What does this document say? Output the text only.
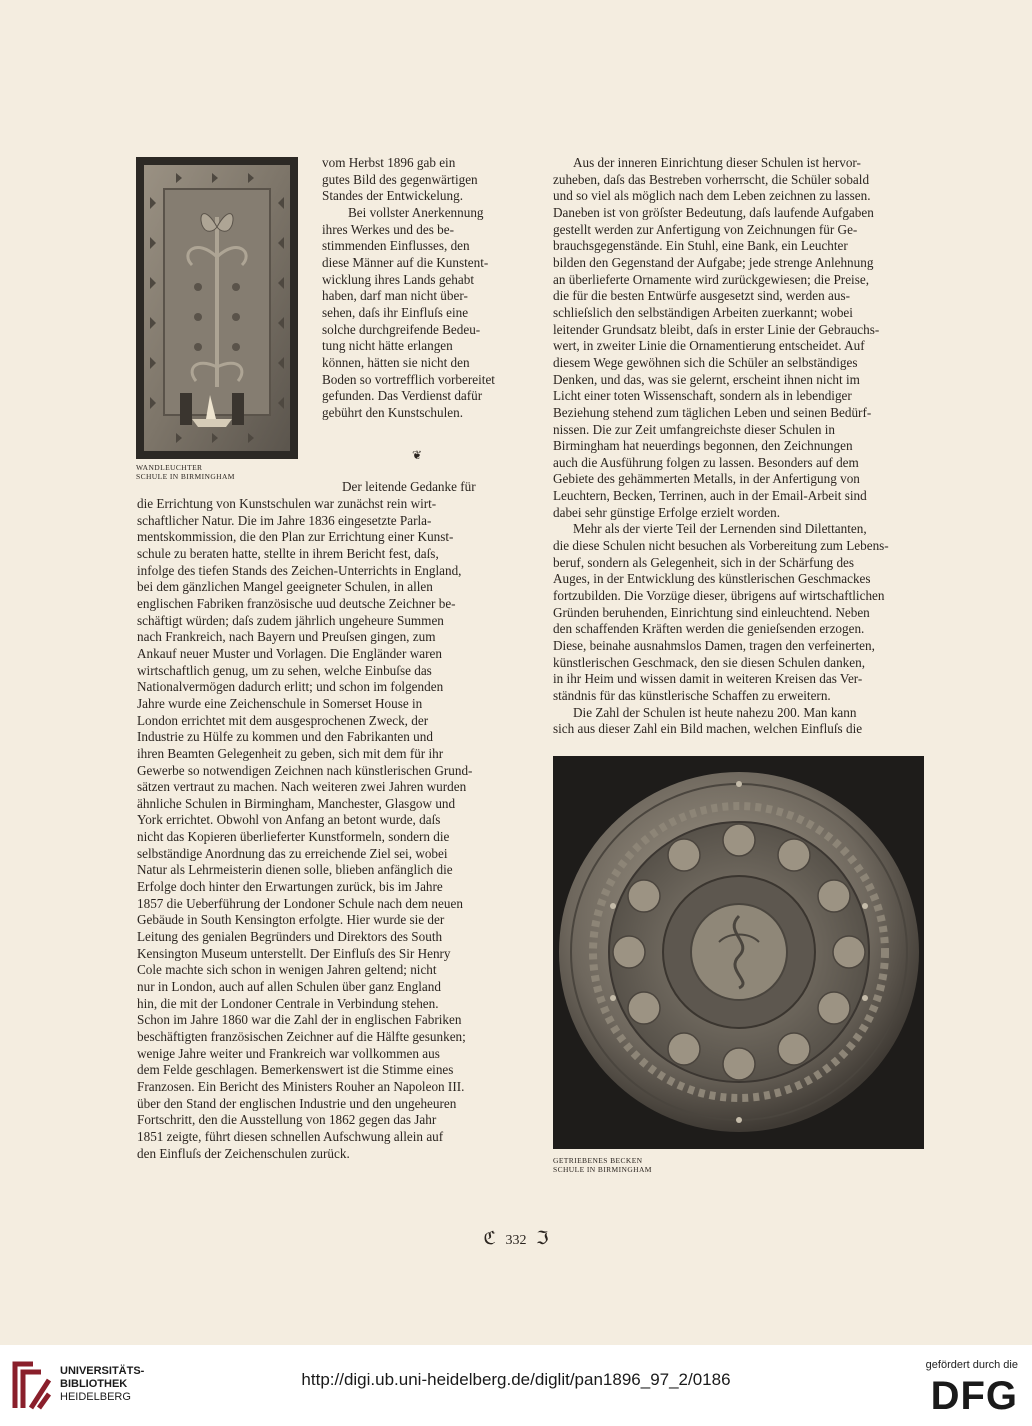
WANDLEUCHTER
SCHULE IN BIRMINGHAM
vom Herbst 1896 gab ein
gutes Bild des gegenwärtigen
Standes der Entwickelung.
Bei vollster Anerkennung
ihres Werkes und des be-
stimmenden Einflusses, den
diese Männer auf die Kunstent-
wicklung ihres Lands gehabt
haben, darf man nicht über-
sehen, daſs ihr Einfluſs eine
solche durchgreifende Bedeu-
tung nicht hätte erlangen
können, hätten sie nicht den
Boden so vortrefflich vorbereitet
gefunden. Das Verdienst dafür
gebührt den Kunstschulen.
❦
Der leitende Gedanke für
die Errichtung von Kunstschulen war zunächst rein wirt-
schaftlicher Natur. Die im Jahre 1836 eingesetzte Parla-
mentskommission, die den Plan zur Errichtung einer Kunst-
schule zu beraten hatte, stellte in ihrem Bericht fest, daſs,
infolge des tiefen Stands des Zeichen-Unterrichts in England,
bei dem gänzlichen Mangel geeigneter Schulen, in allen
englischen Fabriken französische uud deutsche Zeichner be-
schäftigt würden; daſs zudem jährlich ungeheure Summen
nach Frankreich, nach Bayern und Preuſsen gingen, zum
Ankauf neuer Muster und Vorlagen. Die Engländer waren
wirtschaftlich genug, um zu sehen, welche Einbuſse das
Nationalvermögen dadurch erlitt; und schon im folgenden
Jahre wurde eine Zeichenschule in Somerset House in
London errichtet mit dem ausgesprochenen Zweck, der
Industrie zu Hülfe zu kommen und den Fabrikanten und
ihren Beamten Gelegenheit zu geben, sich mit dem für ihr
Gewerbe so notwendigen Zeichnen nach künstlerischen Grund-
sätzen vertraut zu machen. Nach weiteren zwei Jahren wurden
ähnliche Schulen in Birmingham, Manchester, Glasgow und
York errichtet. Obwohl von Anfang an betont wurde, daſs
nicht das Kopieren überlieferter Kunstformeln, sondern die
selbständige Anordnung das zu erreichende Ziel sei, wobei
Natur als Lehrmeisterin dienen solle, blieben anfänglich die
Erfolge doch hinter den Erwartungen zurück, bis im Jahre
1857 die Ueberführung der Londoner Schule nach dem neuen
Gebäude in South Kensington erfolgte. Hier wurde sie der
Leitung des genialen Begründers und Direktors des South
Kensington Museum unterstellt. Der Einfluſs des Sir Henry
Cole machte sich schon in wenigen Jahren geltend; nicht
nur in London, auch auf allen Schulen über ganz England
hin, die mit der Londoner Centrale in Verbindung stehen.
Schon im Jahre 1860 war die Zahl der in englischen Fabriken
beschäftigten französischen Zeichner auf die Hälfte gesunken;
wenige Jahre weiter und Frankreich war vollkommen aus
dem Felde geschlagen. Bemerkenswert ist die Stimme eines
Franzosen. Ein Bericht des Ministers Rouher an Napoleon III.
über den Stand der englischen Industrie und den ungeheuren
Fortschritt, den die Ausstellung von 1862 gegen das Jahr
1851 zeigte, führt diesen schnellen Aufschwung allein auf
den Einfluſs der Zeichenschulen zurück.
Aus der inneren Einrichtung dieser Schulen ist hervor-
zuheben, daſs das Bestreben vorherrscht, die Schüler sobald
und so viel als möglich nach dem Leben zeichnen zu lassen.
Daneben ist von gröſster Bedeutung, daſs laufende Aufgaben
gestellt werden zur Anfertigung von Zeichnungen für Ge-
brauchsgegenstände. Ein Stuhl, eine Bank, ein Leuchter
bilden den Gegenstand der Aufgabe; jede strenge Anlehnung
an überlieferte Ornamente wird zurückgewiesen; die Preise,
die für die besten Entwürfe ausgesetzt sind, werden aus-
schlieſslich den selbständigen Arbeiten zuerkannt; wobei
leitender Grundsatz bleibt, daſs in erster Linie der Gebrauchs-
wert, in zweiter Linie die Ornamentierung entscheidet. Auf
diesem Wege gewöhnen sich die Schüler an selbständiges
Denken, und das, was sie gelernt, erscheint ihnen nicht im
Licht einer toten Wissenschaft, sondern als in lebendiger
Beziehung stehend zum täglichen Leben und seinen Bedürf-
nissen. Die zur Zeit umfangreichste dieser Schulen in
Birmingham hat neuerdings begonnen, den Zeichnungen
auch die Ausführung folgen zu lassen. Besonders auf dem
Gebiete des gehämmerten Metalls, in der Anfertigung von
Leuchtern, Becken, Terrinen, auch in der Email-Arbeit sind
dabei sehr günstige Erfolge erzielt worden.
Mehr als der vierte Teil der Lernenden sind Dilettanten,
die diese Schulen nicht besuchen als Vorbereitung zum Lebens-
beruf, sondern als Gelegenheit, sich in der Schärfung des
Auges, in der Entwicklung des künstlerischen Geschmackes
fortzubilden. Die Vorzüge dieser, übrigens auf wirtschaftlichen
Gründen beruhenden, Einrichtung sind einleuchtend. Neben
den schaffenden Kräften werden die genieſsenden erzogen.
Diese, beinahe ausnahmslos Damen, tragen den verfeinerten,
künstlerischen Geschmack, den sie diesen Schulen danken,
in ihr Heim und wissen damit in weiteren Kreisen das Ver-
ständnis für das künstlerische Schaffen zu erweitern.
Die Zahl der Schulen ist heute nahezu 200. Man kann
sich aus dieser Zahl ein Bild machen, welchen Einfluſs die
GETRIEBENES BECKEN
SCHULE IN BIRMINGHAM
ℭ 332 ℑ
UNIVERSITÄTS-
BIBLIOTHEK
HEIDELBERG
http://digi.ub.uni-heidelberg.de/diglit/pan1896_97_2/0186
gefördert durch die
DFG
